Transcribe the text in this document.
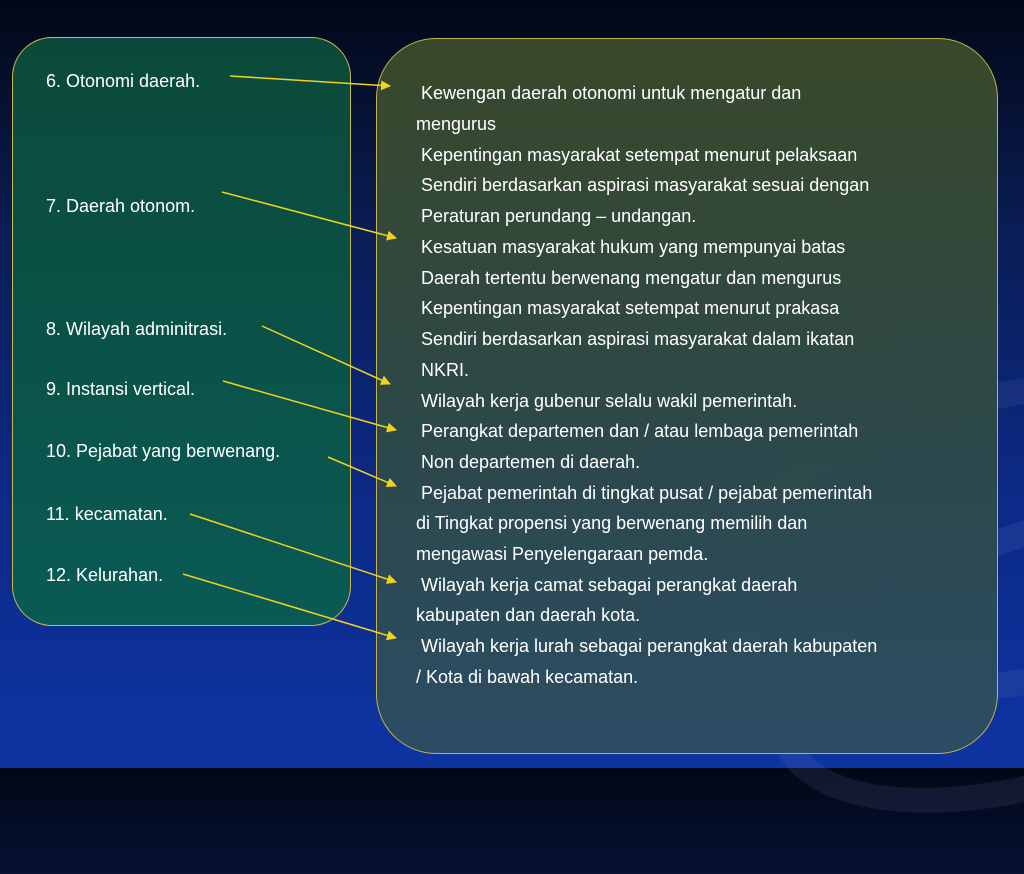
6. Otonomi daerah.
7. Daerah otonom.
8. Wilayah adminitrasi.
9. Instansi vertical.
10. Pejabat yang berwenang.
11. kecamatan.
12. Kelurahan.
Kewengan daerah otonomi untuk mengatur dan
mengurus
Kepentingan masyarakat setempat menurut pelaksaan
Sendiri berdasarkan aspirasi masyarakat sesuai dengan
Peraturan perundang – undangan.
Kesatuan masyarakat hukum yang mempunyai batas
Daerah tertentu berwenang mengatur dan mengurus
Kepentingan masyarakat setempat menurut prakasa
Sendiri berdasarkan aspirasi masyarakat dalam ikatan
NKRI.
Wilayah kerja gubenur selalu wakil pemerintah.
Perangkat departemen dan / atau lembaga pemerintah
Non departemen di daerah.
Pejabat pemerintah di tingkat pusat / pejabat pemerintah
di Tingkat propensi yang berwenang memilih dan
mengawasi Penyelengaraan pemda.
Wilayah kerja camat sebagai perangkat daerah
kabupaten dan daerah kota.
Wilayah kerja lurah sebagai perangkat daerah kabupaten
/ Kota di bawah kecamatan.
